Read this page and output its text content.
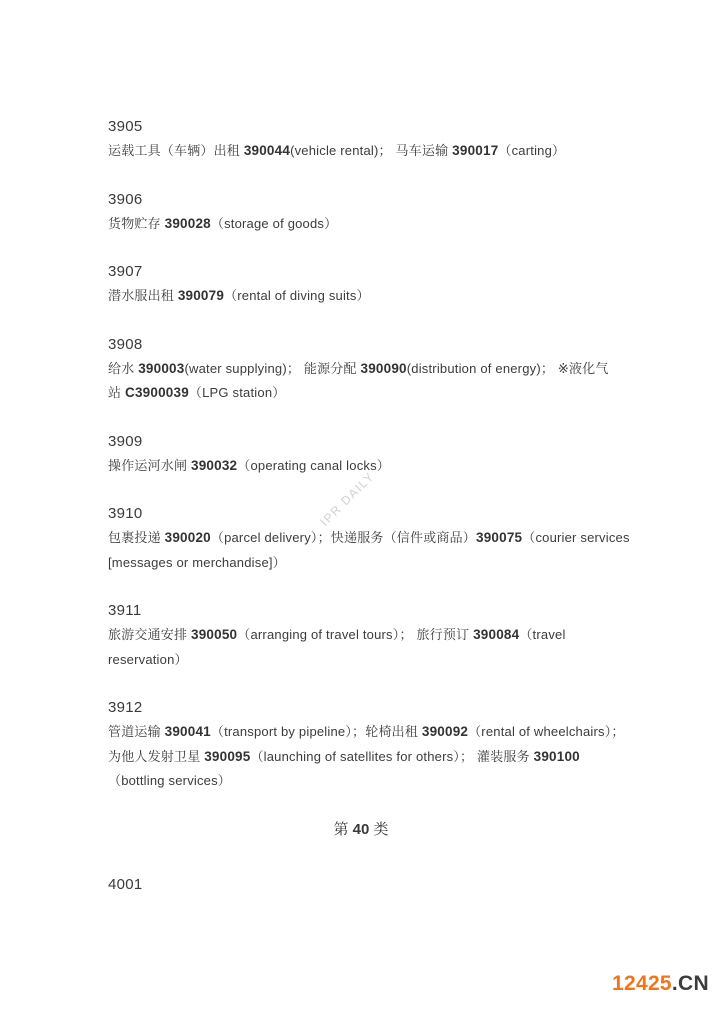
IPR DAILY
3905
运载工具（车辆）出租 390044(vehicle rental)； 马车运输 390017（carting）
3906
货物贮存 390028（storage of goods）
3907
潜水服出租 390079（rental of diving suits）
3908
给水 390003(water supplying)； 能源分配 390090(distribution of energy)； ※液化气
站 C3900039（LPG station）
3909
操作运河水闸 390032（operating canal locks）
3910
包裹投递 390020（parcel delivery）；快递服务（信件或商品）390075（courier services
[messages or merchandise]）
3911
旅游交通安排 390050（arranging of travel tours）； 旅行预订 390084（travel
reservation）
3912
管道运输 390041（transport by pipeline）；轮椅出租 390092（rental of wheelchairs）；
为他人发射卫星 390095（launching of satellites for others）； 灌装服务 390100
（bottling services）
第 40 类
4001
12425.CN
